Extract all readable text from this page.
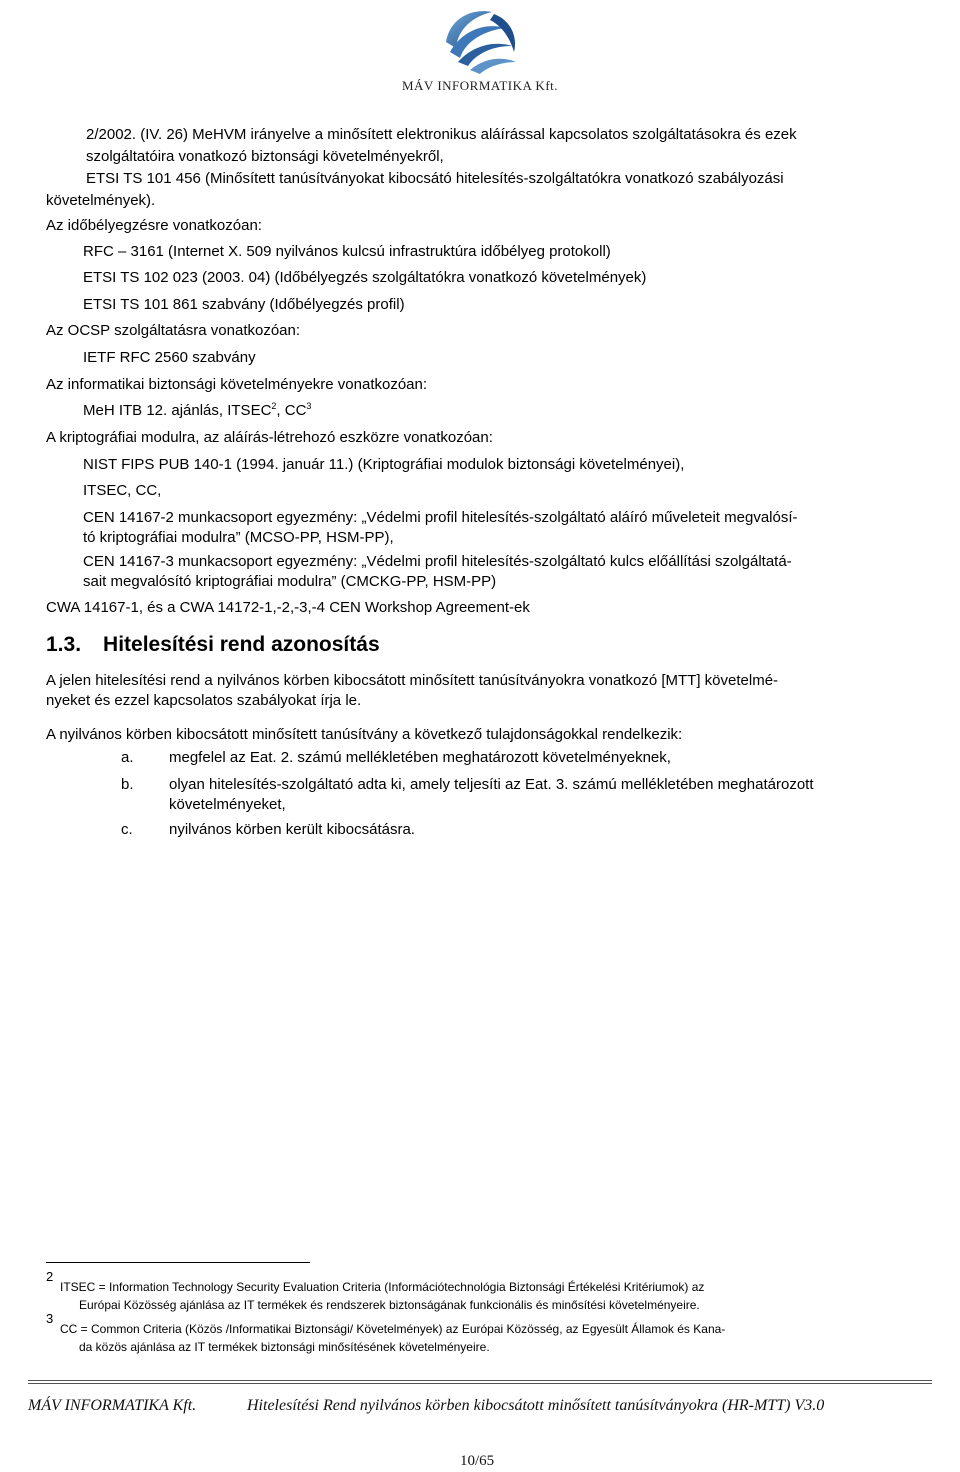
MÁV INFORMATIKA Kft.
2/2002. (IV. 26) MeHVM irányelve a minősített elektronikus aláírással kapcsolatos szolgáltatásokra és ezek
szolgáltatóira vonatkozó biztonsági követelményekről,
ETSI TS 101 456 (Minősített tanúsítványokat kibocsátó hitelesítés-szolgáltatókra vonatkozó szabályozási
követelmények).
Az időbélyegzésre vonatkozóan:
RFC – 3161 (Internet X. 509 nyilvános kulcsú infrastruktúra időbélyeg protokoll)
ETSI TS 102 023 (2003. 04) (Időbélyegzés szolgáltatókra vonatkozó követelmények)
ETSI TS 101 861 szabvány (Időbélyegzés profil)
Az OCSP szolgáltatásra vonatkozóan:
IETF RFC 2560 szabvány
Az informatikai biztonsági követelményekre vonatkozóan:
MeH ITB 12. ajánlás, ITSEC$^2$, $CC^3$
A kriptográfiai modulra, az aláírás-létrehozó eszközre vonatkozóan:
NIST FIPS PUB 140-1 (1994. január 11.) (Kriptográfiai modulok biztonsági követelményei),
ITSEC, CC,
CEN 14167-2 munkacsoport egyezmény: „Védelmi profil hitelesítés-szolgáltató aláíró műveleteit megvalósí-
tó kriptográfiai modulra” (MCSO-PP, HSM-PP),
CEN 14167-3 munkacsoport egyezmény: „Védelmi profil hitelesítés-szolgáltató kulcs előállítási szolgáltatá-
sait megvalósító kriptográfiai modulra” (CMCKG-PP, HSM-PP)
CWA 14167-1, és a CWA 14172-1,-2,-3,-4 CEN Workshop Agreement-ek
1.3. Hitelesítési rend azonosítás
A jelen hitelesítési rend a nyilvános körben kibocsátott minősített tanúsítványokra vonatkozó [MTT] követelmé-
nyeket és ezzel kapcsolatos szabályokat írja le.
A nyilvános körben kibocsátott minősített tanúsítvány a következő tulajdonságokkal rendelkezik:
a. megfelel az Eat. 2. számú mellékletében meghatározott követelményeknek,
b. olyan hitelesítés-szolgáltató adta ki, amely teljesíti az Eat. 3. számú mellékletében meghatározott
követelményeket,
c. nyilvános körben került kibocsátásra.
2
ITSEC = Information Technology Security Evaluation Criteria (Információtechnológia Biztonsági Értékelési Kritériumok) az
Európai Közösség ajánlása az IT termékek és rendszerek biztonságának funkcionális és minősítési követelményeire.
3
CC = Common Criteria (Közös /Informatikai Biztonsági/ Követelmények) az Európai Közösség, az Egyesült Államok és Kana-
da közös ajánlása az IT termékek biztonsági minősítésének követelményeire.
MÁV INFORMATIKA Kft.	Hitelesítési Rend nyilvános körben kibocsátott minősített tanúsítványokra (HR-MTT) V3.0
10/65
